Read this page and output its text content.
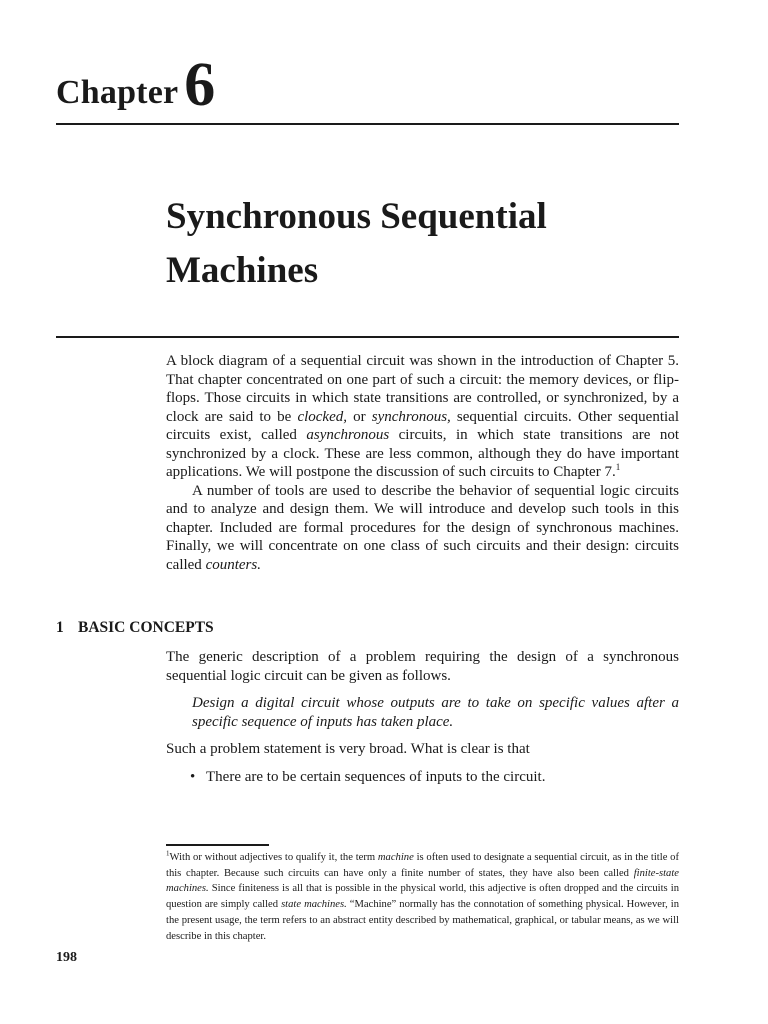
Chapter6
Synchronous Sequential
Machines

A block diagram of a sequential circuit was shown in the introduction of Chapter 5. That chapter concentrated on one part of such a circuit: the memory devices, or flip-flops. Those circuits in which state transitions are controlled, or synchronized, by a clock are said to be clocked, or synchronous, sequential circuits. Other sequential circuits exist, called asynchronous circuits, in which state transitions are not synchronized by a clock. These are less common, although they do have important applications. We will postpone the discussion of such circuits to Chapter 7.$^1$

A number of tools are used to describe the behavior of sequential logic circuits and to analyze and design them. We will introduce and develop such tools in this chapter. Included are formal procedures for the design of synchronous machines. Finally, we will concentrate on one class of such circuits and their design: circuits called counters.

1 BASIC CONCEPTS

The generic description of a problem requiring the design of a synchronous sequential logic circuit can be given as follows.

Design a digital circuit whose outputs are to take on specific values after a specific sequence of inputs has taken place.

Such a problem statement is very broad. What is clear is that

• There are to be certain sequences of inputs to the circuit.

$^1$With or without adjectives to qualify it, the term machine is often used to designate a sequential circuit, as in the title of this chapter. Because such circuits can have only a finite number of states, they have also been called finite-state machines. Since finiteness is all that is possible in the physical world, this adjective is often dropped and the circuits in question are simply called state machines. “Machine” normally has the connotation of something physical. However, in the present usage, the term refers to an abstract entity described by mathematical, graphical, or tabular means, as we will describe in this chapter.

198
